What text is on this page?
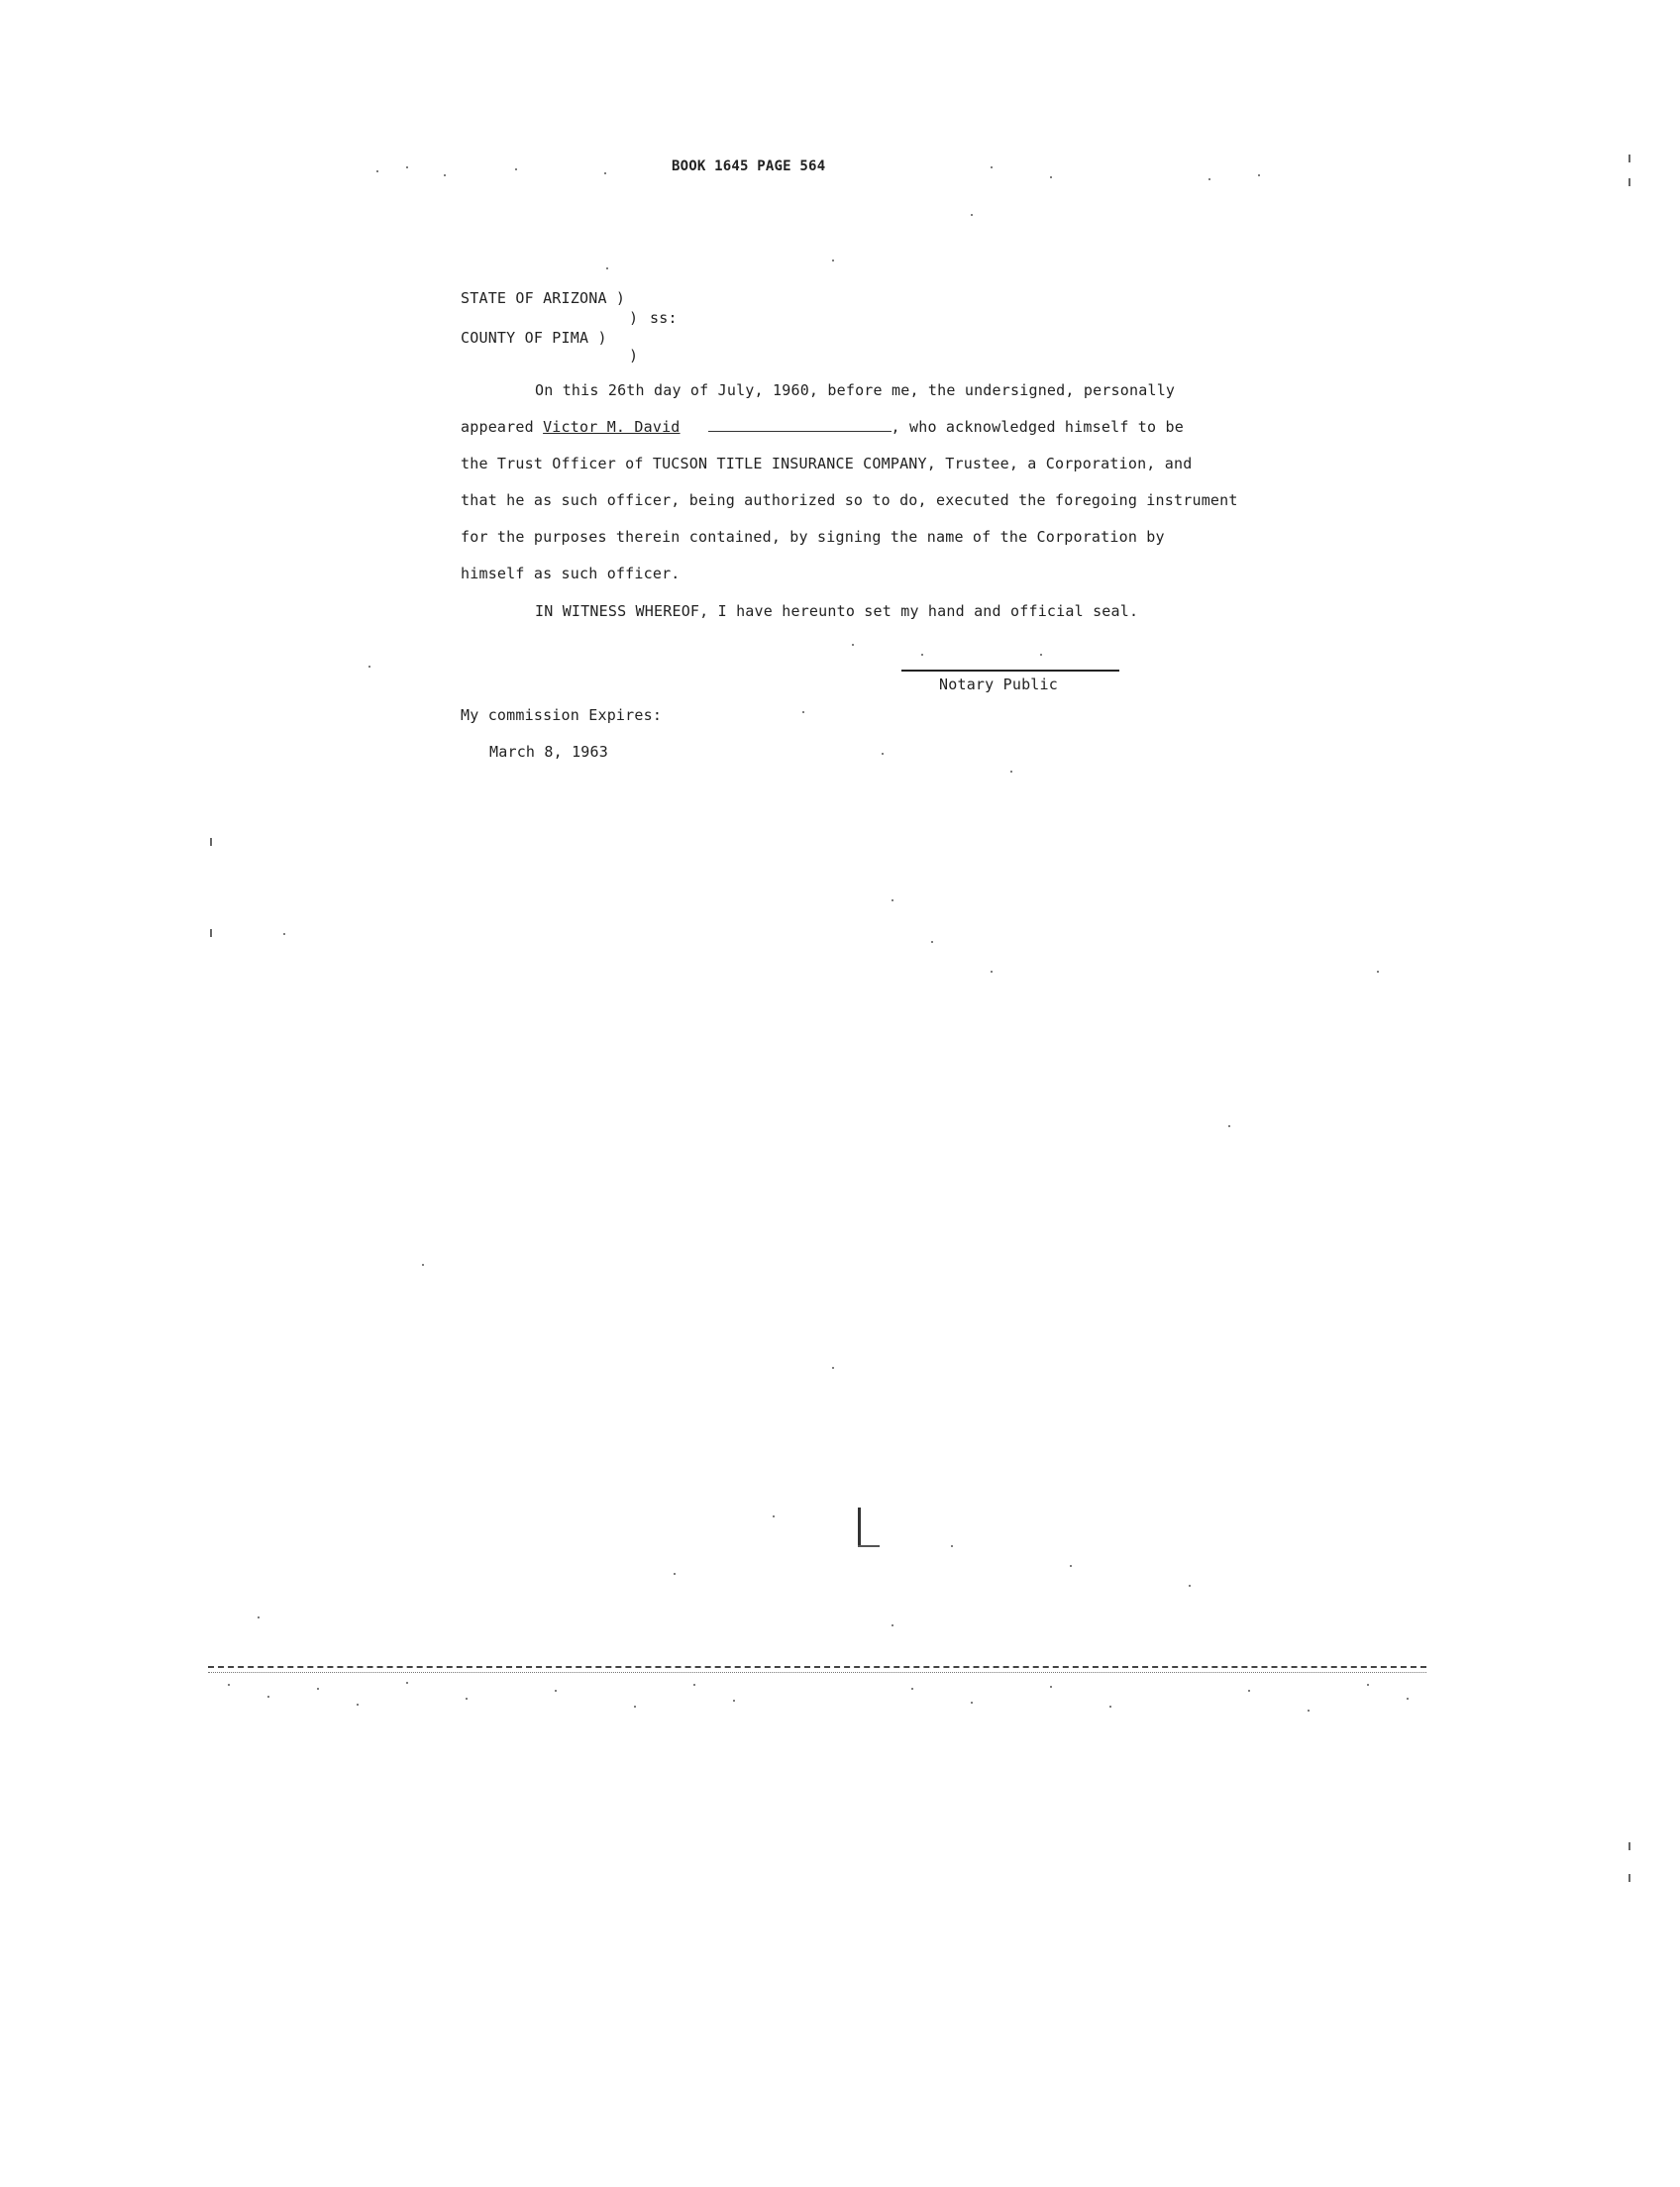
BOOK 1645 PAGE 564
STATE OF ARIZONA )
) ss:
COUNTY OF PIMA )
)
On this 26th day of July, 1960, before me, the undersigned, personally
appeared Victor M. David	, who acknowledged himself to be
the Trust Officer of TUCSON TITLE INSURANCE COMPANY, Trustee, a Corporation, and
that he as such officer, being authorized so to do, executed the foregoing instrument
for the purposes therein contained, by signing the name of the Corporation by
himself as such officer.
IN WITNESS WHEREOF, I have hereunto set my hand and official seal.
Notary Public
My commission Expires:
March 8, 1963
